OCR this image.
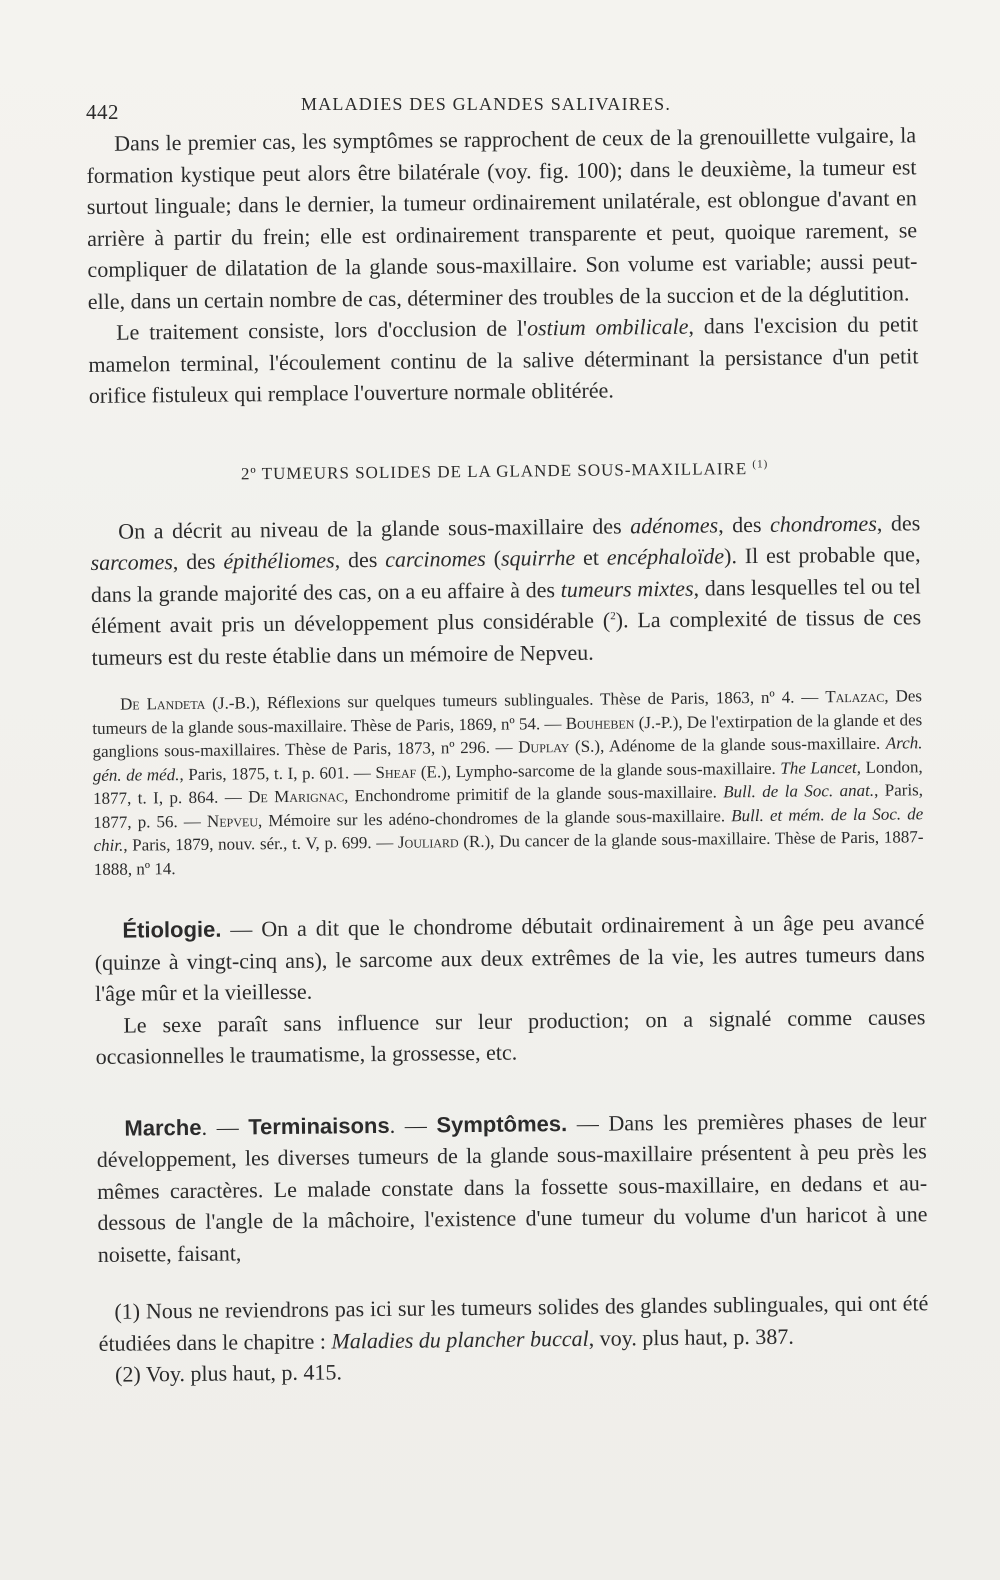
442	MALADIES DES GLANDES SALIVAIRES.

Dans le premier cas, les symptômes se rapprochent de ceux de la grenouillette vulgaire, la formation kystique peut alors être bilatérale (voy. fig. 100); dans le deuxième, la tumeur est surtout linguale; dans le dernier, la tumeur ordinairement unilatérale, est oblongue d'avant en arrière à partir du frein; elle est ordinairement transparente et peut, quoique rarement, se compliquer de dilatation de la glande sous-maxillaire. Son volume est variable; aussi peut-elle, dans un certain nombre de cas, déterminer des troubles de la succion et de la déglutition.

Le traitement consiste, lors d'occlusion de l'ostium ombilicale, dans l'excision du petit mamelon terminal, l'écoulement continu de la salive déterminant la persistance d'un petit orifice fistuleux qui remplace l'ouverture normale oblitérée.

2º TUMEURS SOLIDES DE LA GLANDE SOUS-MAXILLAIRE $^{(1)}$

On a décrit au niveau de la glande sous-maxillaire des adénomes, des chondromes, des sarcomes, des épithéliomes, des carcinomes (squirrhe et encéphaloïde). Il est probable que, dans la grande majorité des cas, on a eu affaire à des tumeurs mixtes, dans lesquelles tel ou tel élément avait pris un développement plus considérable ($^2$). La complexité de tissus de ces tumeurs est du reste établie dans un mémoire de Nepveu.

De Landeta (J.-B.), Réflexions sur quelques tumeurs sublinguales. Thèse de Paris, 1863, nº 4. — Talazac, Des tumeurs de la glande sous-maxillaire. Thèse de Paris, 1869, nº 54. — Bouheben (J.-P.), De l'extirpation de la glande et des ganglions sous-maxillaires. Thèse de Paris, 1873, nº 296. — Duplay (S.), Adénome de la glande sous-maxillaire. Arch. gén. de méd., Paris, 1875, t. I, p. 601. — Sheaf (E.), Lympho-sarcome de la glande sous-maxillaire. The Lancet, London, 1877, t. I, p. 864. — De Marignac, Enchondrome primitif de la glande sous-maxillaire. Bull. de la Soc. anat., Paris, 1877, p. 56. — Nepveu, Mémoire sur les adéno-chondromes de la glande sous-maxillaire. Bull. et mém. de la Soc. de chir., Paris, 1879, nouv. sér., t. V, p. 699. — Jouliard (R.), Du cancer de la glande sous-maxillaire. Thèse de Paris, 1887-1888, nº 14.

Étiologie. — On a dit que le chondrome débutait ordinairement à un âge peu avancé (quinze à vingt-cinq ans), le sarcome aux deux extrêmes de la vie, les autres tumeurs dans l'âge mûr et la vieillesse.

Le sexe paraît sans influence sur leur production; on a signalé comme causes occasionnelles le traumatisme, la grossesse, etc.

Marche. — Terminaisons. — Symptômes. — Dans les premières phases de leur développement, les diverses tumeurs de la glande sous-maxillaire présentent à peu près les mêmes caractères. Le malade constate dans la fossette sous-maxillaire, en dedans et au-dessous de l'angle de la mâchoire, l'existence d'une tumeur du volume d'un haricot à une noisette, faisant,

(1) Nous ne reviendrons pas ici sur les tumeurs solides des glandes sublinguales, qui ont été étudiées dans le chapitre : Maladies du plancher buccal, voy. plus haut, p. 387.

(2) Voy. plus haut, p. 415.
